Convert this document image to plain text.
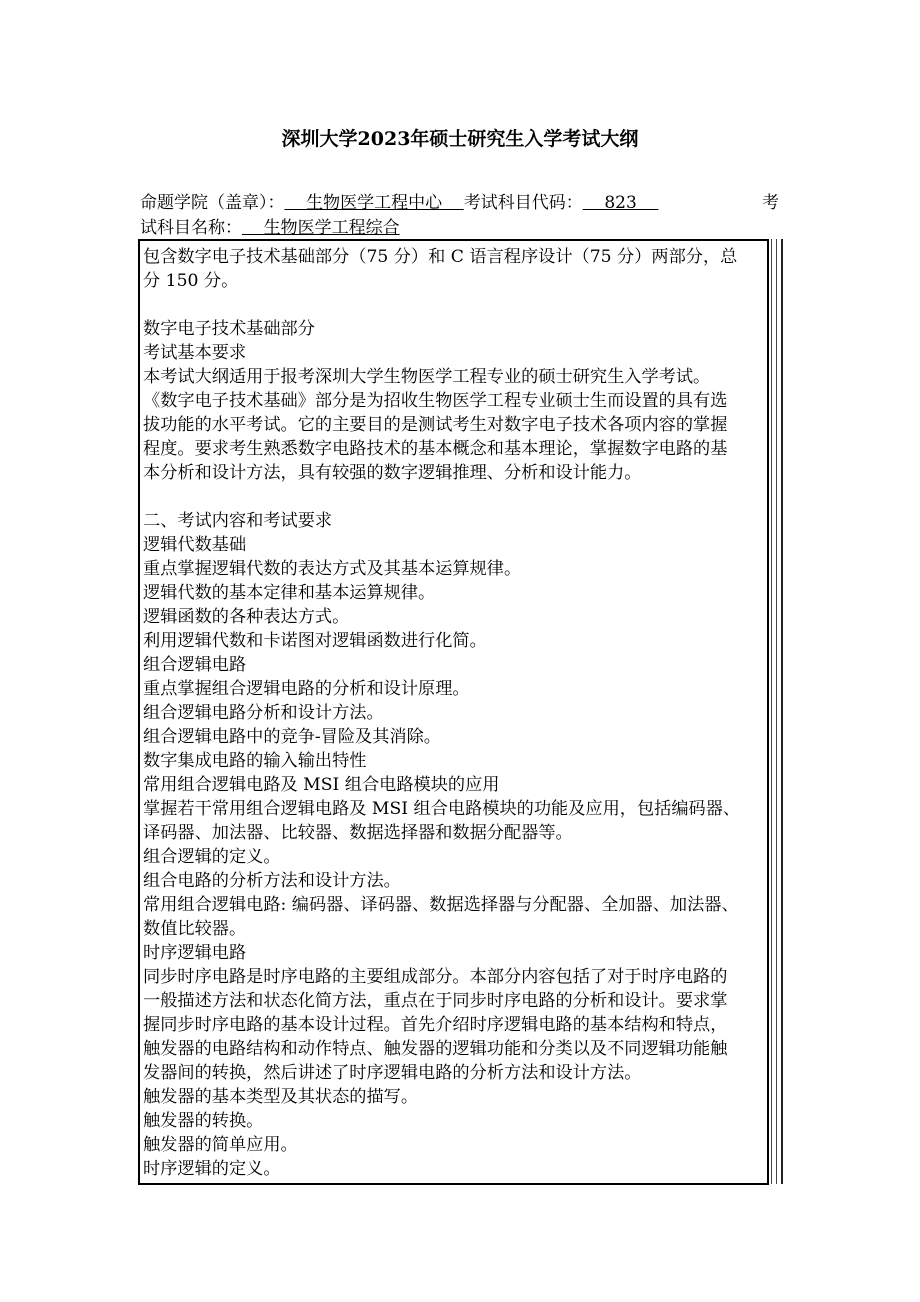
深圳大学2023年硕士研究生入学考试大纲
命题学院（盖章）：    生物医学工程中心    考试科目代码：    823	考
试科目名称：    生物医学工程综合
包含数字电子技术基础部分（75 分）和 C 语言程序设计（75 分）两部分，总
分 150 分。
数字电子技术基础部分
考试基本要求
本考试大纲适用于报考深圳大学生物医学工程专业的硕士研究生入学考试。
《数字电子技术基础》部分是为招收生物医学工程专业硕士生而设置的具有选
拔功能的水平考试。它的主要目的是测试考生对数字电子技术各项内容的掌握
程度。要求考生熟悉数字电路技术的基本概念和基本理论，掌握数字电路的基
本分析和设计方法，具有较强的数字逻辑推理、分析和设计能力。
二、考试内容和考试要求
逻辑代数基础
重点掌握逻辑代数的表达方式及其基本运算规律。
逻辑代数的基本定律和基本运算规律。
逻辑函数的各种表达方式。
利用逻辑代数和卡诺图对逻辑函数进行化简。
组合逻辑电路
重点掌握组合逻辑电路的分析和设计原理。
组合逻辑电路分析和设计方法。
组合逻辑电路中的竞争-冒险及其消除。
数字集成电路的输入输出特性
常用组合逻辑电路及 MSI 组合电路模块的应用
掌握若干常用组合逻辑电路及 MSI 组合电路模块的功能及应用，包括编码器、
译码器、加法器、比较器、数据选择器和数据分配器等。
组合逻辑的定义。
组合电路的分析方法和设计方法。
常用组合逻辑电路: 编码器、译码器、数据选择器与分配器、全加器、加法器、
数值比较器。
时序逻辑电路
同步时序电路是时序电路的主要组成部分。本部分内容包括了对于时序电路的
一般描述方法和状态化简方法，重点在于同步时序电路的分析和设计。要求掌
握同步时序电路的基本设计过程。首先介绍时序逻辑电路的基本结构和特点，
触发器的电路结构和动作特点、触发器的逻辑功能和分类以及不同逻辑功能触
发器间的转换，然后讲述了时序逻辑电路的分析方法和设计方法。
触发器的基本类型及其状态的描写。
触发器的转换。
触发器的简单应用。
时序逻辑的定义。
